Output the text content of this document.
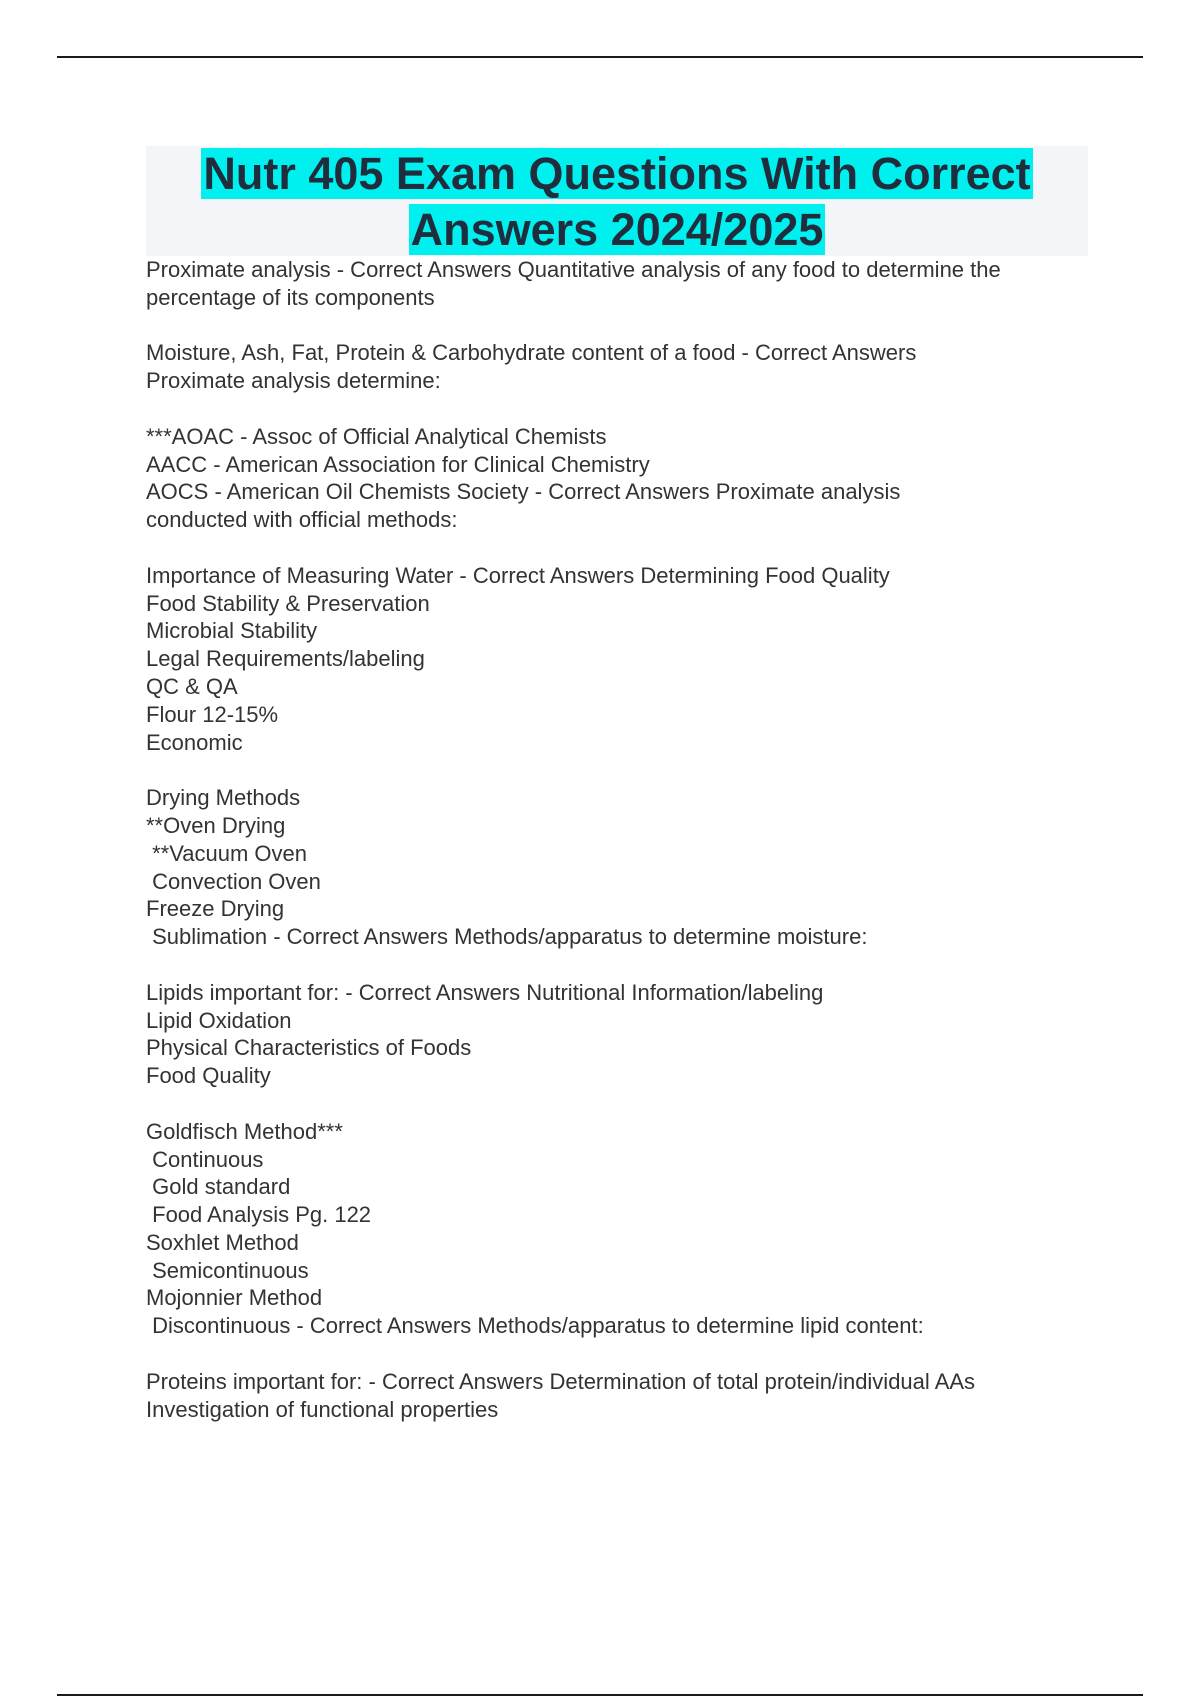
Nutr 405 Exam Questions With Correct
Answers 2024/2025
Proximate analysis - Correct Answers Quantitative analysis of any food to determine the
percentage of its components
Moisture, Ash, Fat, Protein & Carbohydrate content of a food - Correct Answers
Proximate analysis determine:
***AOAC - Assoc of Official Analytical Chemists
AACC - American Association for Clinical Chemistry
AOCS - American Oil Chemists Society - Correct Answers Proximate analysis
conducted with official methods:
Importance of Measuring Water - Correct Answers Determining Food Quality
Food Stability & Preservation
Microbial Stability
Legal Requirements/labeling
QC & QA
Flour 12-15%
Economic
Drying Methods
**Oven Drying
**Vacuum Oven
Convection Oven
Freeze Drying
Sublimation - Correct Answers Methods/apparatus to determine moisture:
Lipids important for: - Correct Answers Nutritional Information/labeling
Lipid Oxidation
Physical Characteristics of Foods
Food Quality
Goldfisch Method***
Continuous
Gold standard
Food Analysis Pg. 122
Soxhlet Method
Semicontinuous
Mojonnier Method
Discontinuous - Correct Answers Methods/apparatus to determine lipid content:
Proteins important for: - Correct Answers Determination of total protein/individual AAs
Investigation of functional properties
